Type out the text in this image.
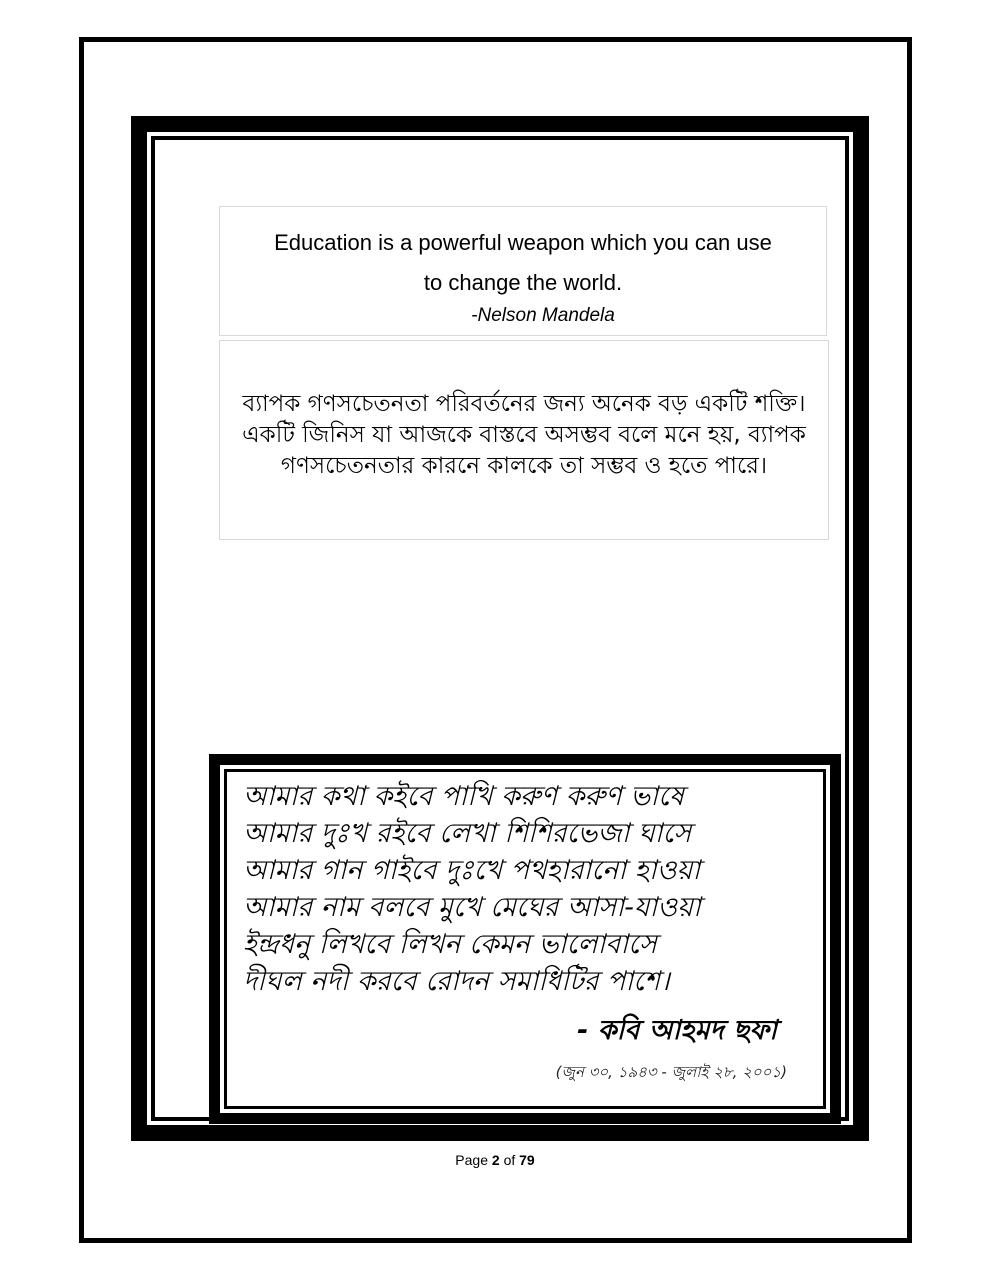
Education is a powerful weapon which you can use
to change the world.
-Nelson Mandela
ব্যাপক গণসচেতনতা পরিবর্তনের জন্য অনেক বড় একটি শক্তি।
একটি জিনিস যা আজকে বাস্তবে অসম্ভব বলে মনে হয়, ব্যাপক
গণসচেতনতার কারনে কালকে তা সম্ভব ও হতে পারে।
আমার কথা কইবে পাখি করুণ করুণ ভাষে
আমার দুঃখ রইবে লেখা শিশিরভেজা ঘাসে
আমার গান গাইবে দুঃখে পথহারানো হাওয়া
আমার নাম বলবে মুখে মেঘের আসা-যাওয়া
ইন্দ্রধনু লিখবে লিখন কেমন ভালোবাসে
দীঘল নদী করবে রোদন সমাধিটির পাশে।
- কবি আহমদ ছফা
(জুন ৩০, ১৯৪৩ - জুলাই ২৮, ২০০১)
Page 2 of 79
